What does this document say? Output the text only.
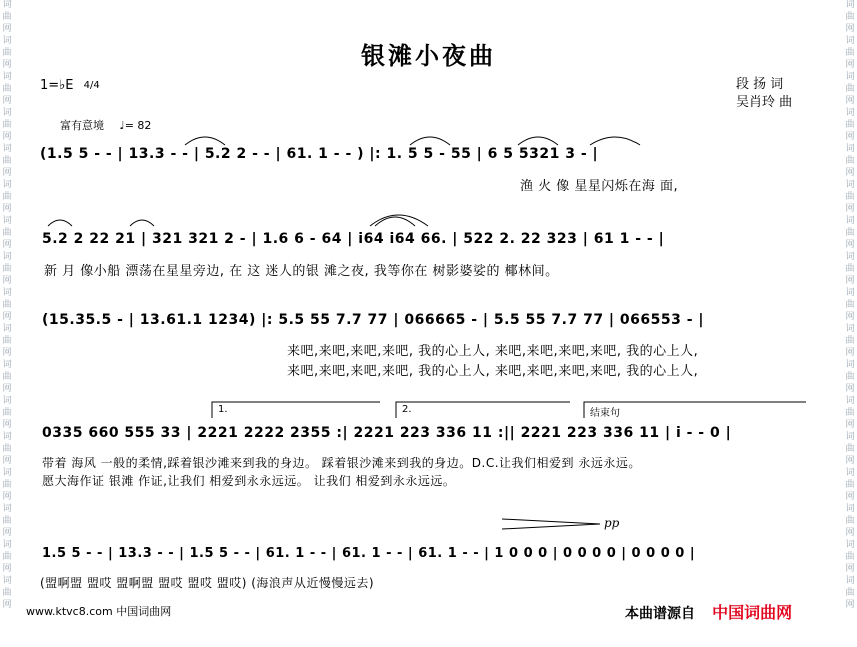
词
曲
网
词
曲
网
词
曲
网
词
曲
网
词
曲
网
词
曲
网
词
曲
网
词
曲
网
词
曲
网
词
曲
网
词
曲
网
词
曲
网
词
曲
网
词
曲
网
词
曲
网
词
曲
网
词
曲
网
词
曲
网
词
曲
网
词
曲
网
词
曲
网
词
曲
网
词
曲
网
词
曲
网
词
曲
网
词
曲
网
词
曲
网
词
曲
网
词
曲
网
词
曲
网
词
曲
网
词
曲
网
词
曲
网
词
曲
网
银滩小夜曲
1=♭E 4/4	段 扬 词
吴肖玲 曲
富有意境 ♩= 82
(1.5 5 - - | 13.3 - - | 5.2 2 - - | 61. 1 - - ) |: 1. 5 5 - 55 | 6 5 5321 3 - |
渔 火 像 星星闪烁在海 面,
5.2 2 22 21 | 321 321 2 - | 1.6 6 - 64 | i64 i64 66. | 522 2. 22 323 | 61 1 - - |
新 月 像小船 漂荡在星星旁边, 在 这 迷人的银 滩之夜, 我等你在 树影婆娑的 椰林间。
(15.35.5 - | 13.61.1 1234) |: 5.5 55 7.7 77 | 066665 - | 5.5 55 7.7 77 | 066553 - |
来吧,来吧,来吧,来吧, 我的心上人, 来吧,来吧,来吧,来吧, 我的心上人,
来吧,来吧,来吧,来吧, 我的心上人, 来吧,来吧,来吧,来吧, 我的心上人,
1.	2.	结束句
0335 660 555 33 | 2221 2222 2355 :| 2221 223 336 11 :|| 2221 223 336 11 | i - - 0 |
带着 海风 一般的柔情,踩着银沙滩来到我的身边。 踩着银沙滩来到我的身边。D.C.让我们相爱到 永远永远。
愿大海作证 银滩 作证,让我们 相爱到永永远远。 让我们 相爱到永永远远。
pp
1.5 5 - - | 13.3 - - | 1.5 5 - - | 61. 1 - - | 61. 1 - - | 61. 1 - - | 1 0 0 0 | 0 0 0 0 | 0 0 0 0 |
(盟啊盟 盟哎 盟啊盟 盟哎 盟哎 盟哎) (海浪声从近慢慢远去)
www.ktvc8.com 中国词曲网	本曲谱源自 中国词曲网
